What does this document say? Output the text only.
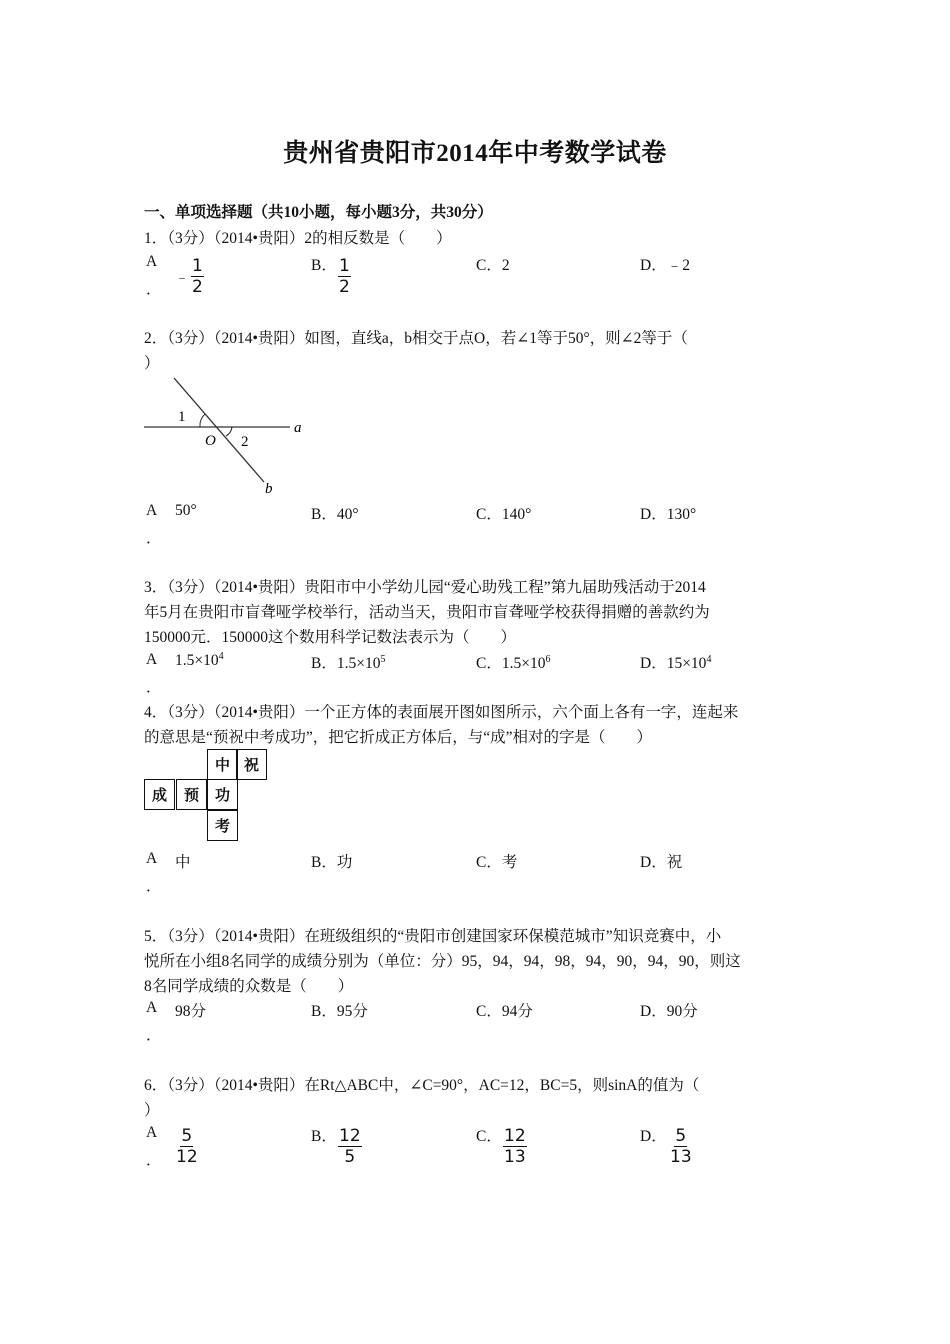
贵州省贵阳市2014年中考数学试卷
一、单项选择题（共10小题，每小题3分，共30分）
1．（3分）（2014•贵阳）2的相反数是（　　）
A
．
﹣ $\frac{1}{2}$	B． $\frac{1}{2}$	C．2	D．﹣2
2．（3分）（2014•贵阳）如图，直线a，b相交于点O，若∠1等于50°，则∠2等于（
）
1
2
O
a
b
A
．
50°	B．40°	C．140°	D．130°
3．（3分）（2014•贵阳）贵阳市中小学幼儿园“爱心助残工程”第九届助残活动于2014
年5月在贵阳市盲聋哑学校举行，活动当天，贵阳市盲聋哑学校获得捐赠的善款约为
150000元．150000这个数用科学记数法表示为（　　）
A
．
$1.5\times 10^4$	B．$1.5\times 10^5$	C．$1.5\times 10^6$	D．$15\times 10^4$
4．（3分）（2014•贵阳）一个正方体的表面展开图如图所示，六个面上各有一字，连起来
的意思是“预祝中考成功”，把它折成正方体后，与“成”相对的字是（　　）
中 祝
成	预	功
考
A
．
中	B．功	C．考	D．祝
5．（3分）（2014•贵阳）在班级组织的“贵阳市创建国家环保模范城市”知识竞赛中，小
悦所在小组8名同学的成绩分别为（单位：分）95，94，94，98，94，90，94，90，则这
8名同学成绩的众数是（　　）
A
．
98分	B．95分	C．94分	D．90分
6．（3分）（2014•贵阳）在Rt△ABC中，∠C=90°，AC=12，BC=5，则sinA的值为（
）
A
． $\frac{5}{12}$	B． $\frac{12}{5}$	C． $\frac{12}{13}$	D． $\frac{5}{13}$
